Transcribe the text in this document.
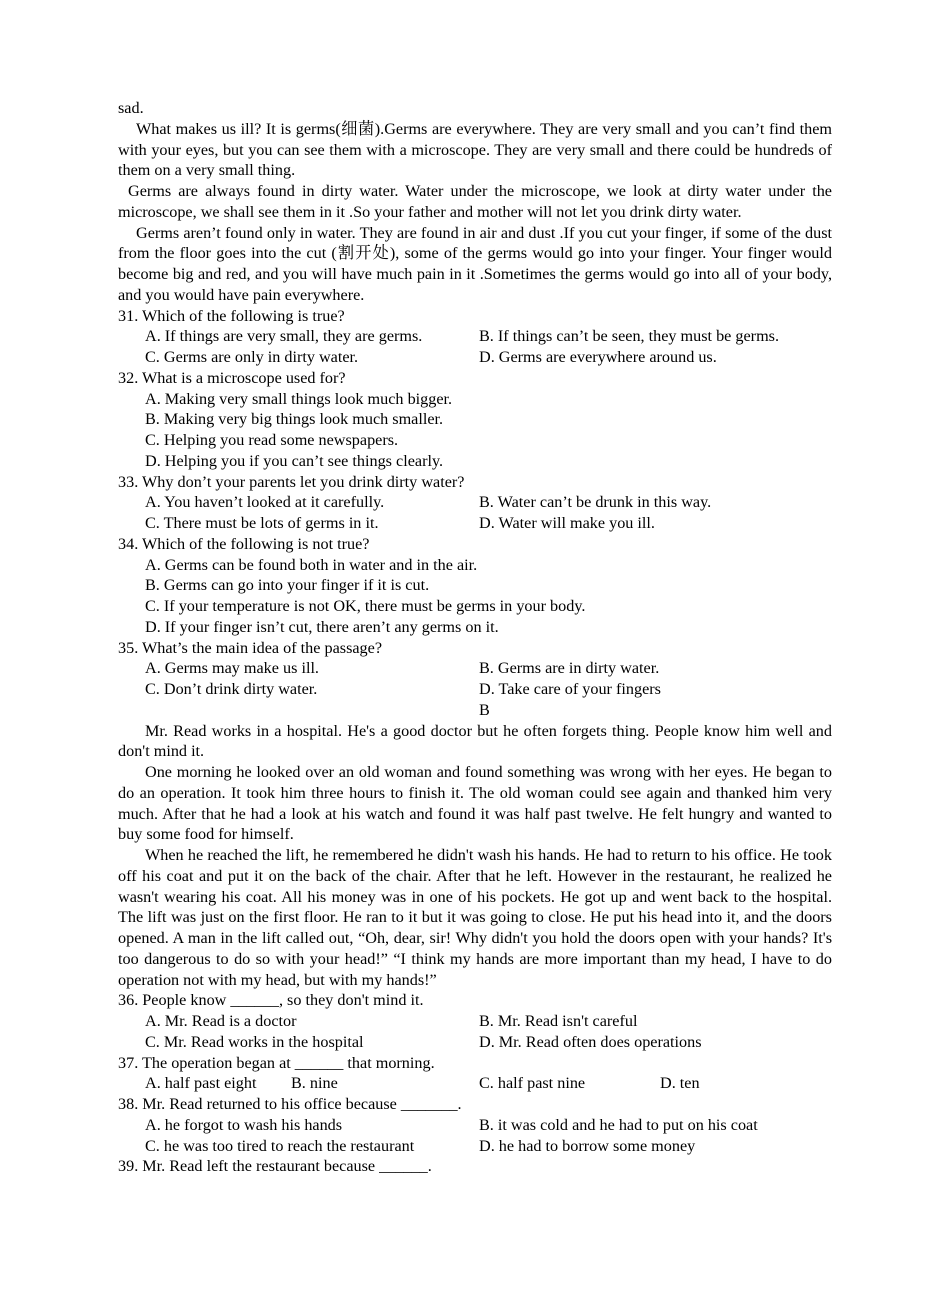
sad.

What makes us ill? It is germs(细菌).Germs are everywhere. They are very small and you can’t find them with your eyes, but you can see them with a microscope. They are very small and there could be hundreds of them on a very small thing.

Germs are always found in dirty water. Water under the microscope, we look at dirty water under the microscope, we shall see them in it .So your father and mother will not let you drink dirty water.

Germs aren’t found only in water. They are found in air and dust .If you cut your finger, if some of the dust from the floor goes into the cut (割开处), some of the germs would go into your finger. Your finger would become big and red, and you will have much pain in it .Sometimes the germs would go into all of your body, and you would have pain everywhere.

31. Which of the following is true?

A. If things are very small, they are germs.	B. If things can’t be seen, they must be germs.
C. Germs are only in dirty water.	D. Germs are everywhere around us.

32. What is a microscope used for?

A. Making very small things look much bigger.

B. Making very big things look much smaller.

C. Helping you read some newspapers.

D. Helping you if you can’t see things clearly.

33. Why don’t your parents let you drink dirty water?

A. You haven’t looked at it carefully.	B. Water can’t be drunk in this way.
C. There must be lots of germs in it.	D. Water will make you ill.

34. Which of the following is not true?

A. Germs can be found both in water and in the air.

B. Germs can go into your finger if it is cut.

C. If your temperature is not OK, there must be germs in your body.

D. If your finger isn’t cut, there aren’t any germs on it.

35. What’s the main idea of the passage?

A. Germs may make us ill.	B. Germs are in dirty water.
C. Don’t drink dirty water.	D. Take care of your fingers

B

Mr. Read works in a hospital. He's a good doctor but he often forgets thing. People know him well and don't mind it.

One morning he looked over an old woman and found something was wrong with her eyes. He began to do an operation. It took him three hours to finish it. The old woman could see again and thanked him very much. After that he had a look at his watch and found it was half past twelve. He felt hungry and wanted to buy some food for himself.

When he reached the lift, he remembered he didn't wash his hands. He had to return to his office. He took off his coat and put it on the back of the chair. After that he left. However in the restaurant, he realized he wasn't wearing his coat. All his money was in one of his pockets. He got up and went back to the hospital. The lift was just on the first floor. He ran to it but it was going to close. He put his head into it, and the doors opened. A man in the lift called out, “Oh, dear, sir! Why didn't you hold the doors open with your hands? It's too dangerous to do so with your head!” “I think my hands are more important than my head, I have to do operation not with my head, but with my hands!”

36. People know ______, so they don't mind it.

A. Mr. Read is a doctor	B. Mr. Read isn't careful
C. Mr. Read works in the hospital	D. Mr. Read often does operations

37. The operation began at ______ that morning.

A. half past eight	B. nine	C. half past nine	D. ten

38. Mr. Read returned to his office because _______.

A. he forgot to wash his hands	B. it was cold and he had to put on his coat
C. he was too tired to reach the restaurant	D. he had to borrow some money

39. Mr. Read left the restaurant because ______.
